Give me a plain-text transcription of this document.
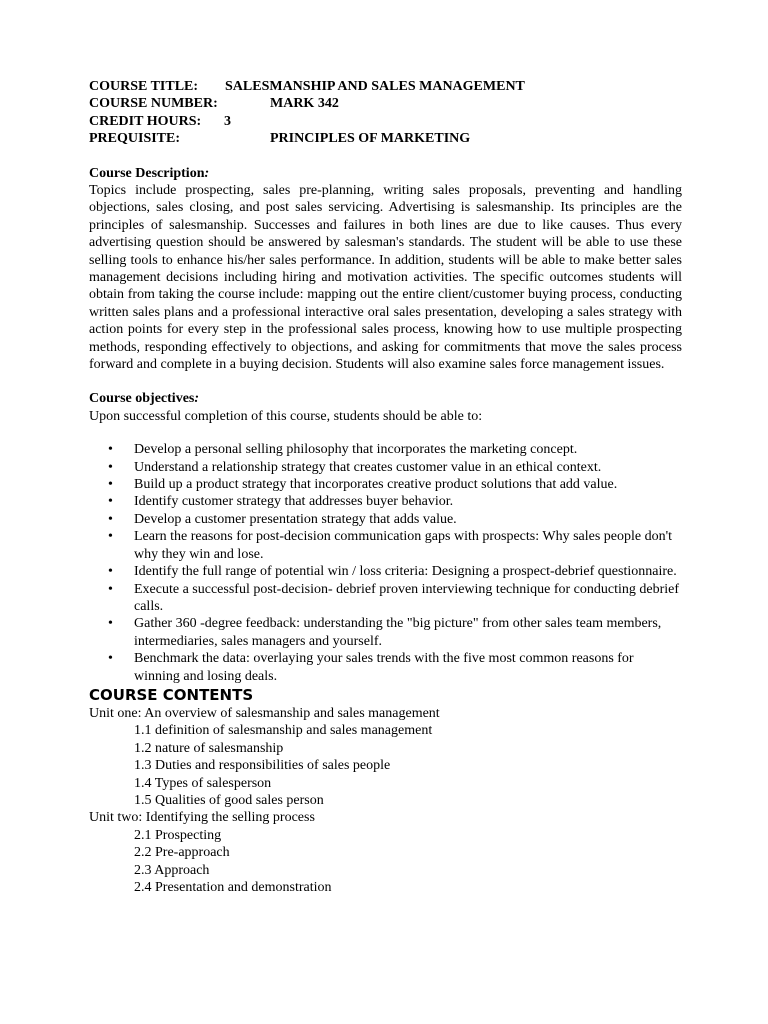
COURSE TITLE: SALESMANSHIP AND SALES MANAGEMENT
COURSE NUMBER:	MARK 342
CREDIT HOURS: 3
PREQUISITE:	PRINCIPLES OF MARKETING
Course Description:
Topics include prospecting, sales pre-planning, writing sales proposals, preventing and handling objections, sales closing, and post sales servicing. Advertising is salesmanship. Its principles are the principles of salesmanship. Successes and failures in both lines are due to like causes. Thus every advertising question should be answered by salesman's standards. The student will be able to use these selling tools to enhance his/her sales performance. In addition, students will be able to make better sales management decisions including hiring and motivation activities. The specific outcomes students will obtain from taking the course include: mapping out the entire client/customer buying process, conducting written sales plans and a professional interactive oral sales presentation, developing a sales strategy with action points for every step in the professional sales process, knowing how to use multiple prospecting methods, responding effectively to objections, and asking for commitments that move the sales process forward and complete in a buying decision. Students will also examine sales force management issues.
Course objectives:
Upon successful completion of this course, students should be able to:
• Develop a personal selling philosophy that incorporates the marketing concept.
• Understand a relationship strategy that creates customer value in an ethical context.
• Build up a product strategy that incorporates creative product solutions that add value.
• Identify customer strategy that addresses buyer behavior.
• Develop a customer presentation strategy that adds value.
• Learn the reasons for post-decision communication gaps with prospects: Why sales people don't why they win and lose.
• Identify the full range of potential win / loss criteria: Designing a prospect-debrief questionnaire.
• Execute a successful post-decision- debrief proven interviewing technique for conducting debrief calls.
• Gather 360 -degree feedback: understanding the "big picture" from other sales team members, intermediaries, sales managers and yourself.
• Benchmark the data: overlaying your sales trends with the five most common reasons for winning and losing deals.
COURSE CONTENTS
Unit one: An overview of salesmanship and sales management
1.1 definition of salesmanship and sales management
1.2 nature of salesmanship
1.3 Duties and responsibilities of sales people
1.4 Types of salesperson
1.5 Qualities of good sales person
Unit two: Identifying the selling process
2.1 Prospecting
2.2 Pre-approach
2.3 Approach
2.4 Presentation and demonstration
